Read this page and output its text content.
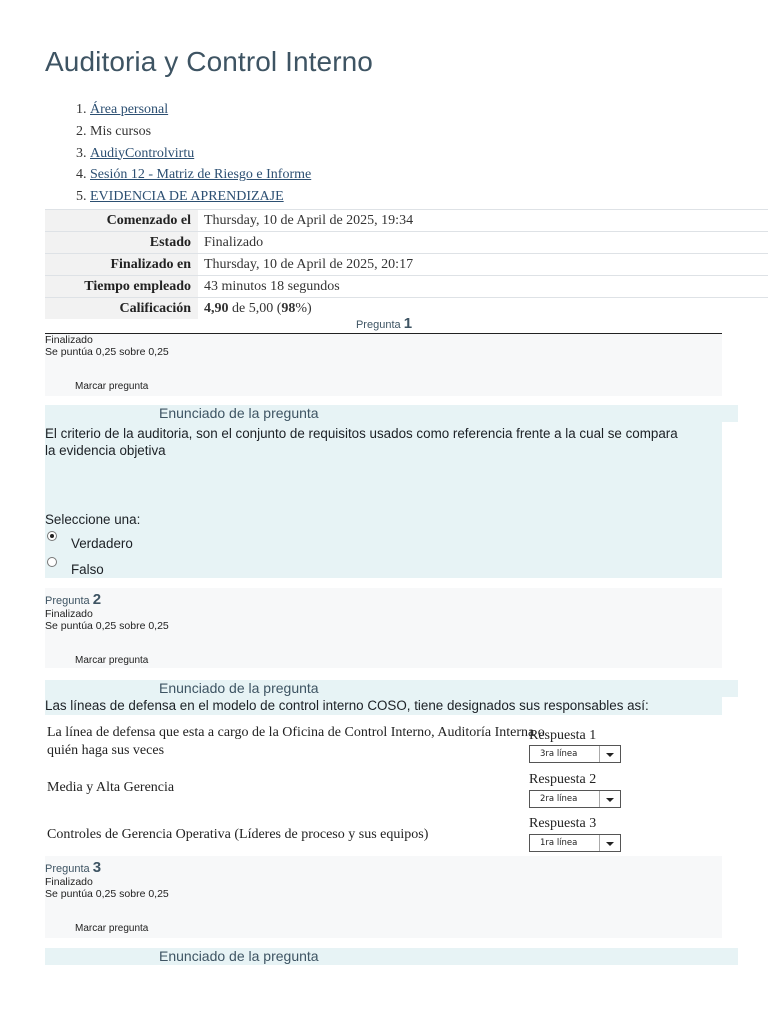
Auditoria y Control Interno
1. Área personal
2. Mis cursos
3. AudiyControlvirtu
4. Sesión 12 - Matriz de Riesgo e Informe
5. EVIDENCIA DE APRENDIZAJE
Comenzado el	Thursday, 10 de April de 2025, 19:34
Estado	Finalizado
Finalizado en	Thursday, 10 de April de 2025, 20:17
Tiempo empleado	43 minutos 18 segundos
Calificación	4,90 de 5,00 (98%)
Pregunta 1
Finalizado
Se puntúa 0,25 sobre 0,25
Marcar pregunta
Enunciado de la pregunta
El criterio de la auditoria, son el conjunto de requisitos usados como referencia frente a la cual se compara la evidencia objetiva
Seleccione una:
Verdadero
Falso
Pregunta 2
Finalizado
Se puntúa 0,25 sobre 0,25
Marcar pregunta
Enunciado de la pregunta
Las líneas de defensa en el modelo de control interno COSO, tiene designados sus responsables así:
La línea de defensa que esta a cargo de la Oficina de Control Interno, Auditoría Interna o quién haga sus veces
Respuesta 1
3ra línea
Media y Alta Gerencia
Respuesta 2
2ra línea
Controles de Gerencia Operativa (Líderes de proceso y sus equipos)
Respuesta 3
1ra línea
Pregunta 3
Finalizado
Se puntúa 0,25 sobre 0,25
Marcar pregunta
Enunciado de la pregunta
